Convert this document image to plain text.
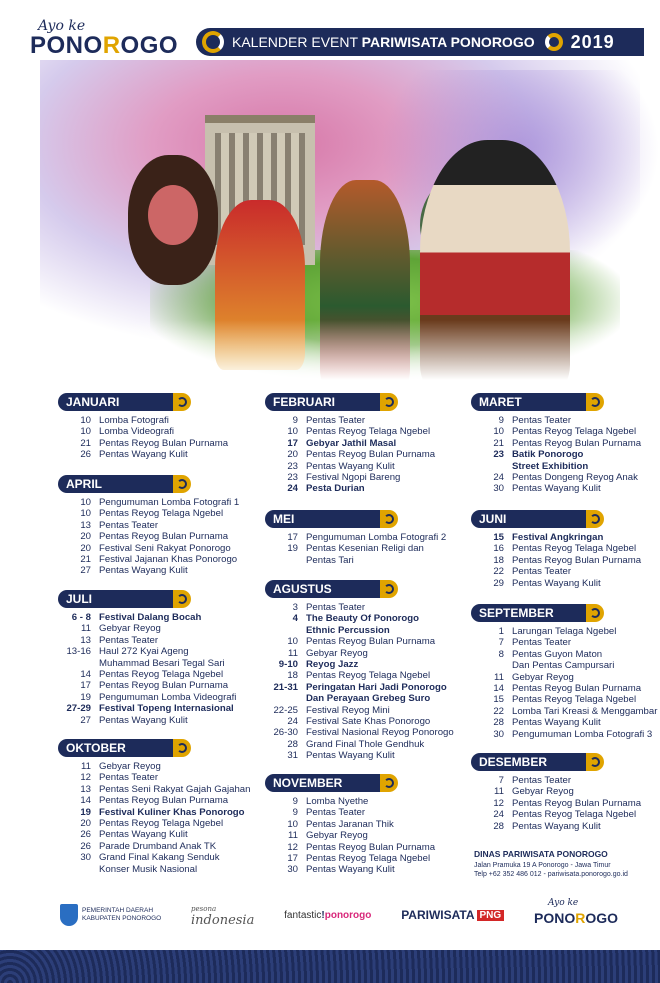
Ayo ke
PONOROGO	KALENDER EVENT PARIWISATA PONOROGO 2019
JANUARI
10 Lomba Fotografi
10 Lomba Videografi
21 Pentas Reyog Bulan Purnama
26 Pentas Wayang Kulit
FEBRUARI
9 Pentas Teater
10 Pentas Reyog Telaga Ngebel
17 Gebyar Jathil Masal
20 Pentas Reyog Bulan Purnama
23 Pentas Wayang Kulit
23 Festival Ngopi Bareng
24 Pesta Durian
MARET
9 Pentas Teater
10 Pentas Reyog Telaga Ngebel
21 Pentas Reyog Bulan Purnama
23 Batik Ponorogo
Street Exhibition
24 Pentas Dongeng Reyog Anak
30 Pentas Wayang Kulit
APRIL
10 Pengumuman Lomba Fotografi 1
10 Pentas Reyog Telaga Ngebel
13 Pentas Teater
20 Pentas Reyog Bulan Purnama
20 Festival Seni Rakyat Ponorogo
21 Festival Jajanan Khas Ponorogo
27 Pentas Wayang Kulit
MEI
17 Pengumuman Lomba Fotografi 2
19 Pentas Kesenian Religi dan
Pentas Tari
JUNI
15 Festival Angkringan
16 Pentas Reyog Telaga Ngebel
18 Pentas Reyog Bulan Purnama
22 Pentas Teater
29 Pentas Wayang Kulit
JULI
6 - 8 Festival Dalang Bocah
11 Gebyar Reyog
13 Pentas Teater
13-16 Haul 272 Kyai Ageng
Muhammad Besari Tegal Sari
14 Pentas Reyog Telaga Ngebel
17 Pentas Reyog Bulan Purnama
19 Pengumuman Lomba Videografi
27-29 Festival Topeng Internasional
27 Pentas Wayang Kulit
AGUSTUS
3 Pentas Teater
4 The Beauty Of Ponorogo
Ethnic Percussion
10 Pentas Reyog Bulan Purnama
11 Gebyar Reyog
9-10 Reyog Jazz
18 Pentas Reyog Telaga Ngebel
21-31 Peringatan Hari Jadi Ponorogo
Dan Perayaan Grebeg Suro
22-25 Festival Reyog Mini
24 Festival Sate Khas Ponorogo
26-30 Festival Nasional Reyog Ponorogo
28 Grand Final Thole Gendhuk
31 Pentas Wayang Kulit
SEPTEMBER
1 Larungan Telaga Ngebel
7 Pentas Teater
8 Pentas Guyon Maton
Dan Pentas Campursari
11 Gebyar Reyog
14 Pentas Reyog Bulan Purnama
15 Pentas Reyog Telaga Ngebel
22 Lomba Tari Kreasi & Menggambar
28 Pentas Wayang Kulit
30 Pengumuman Lomba Fotografi 3
OKTOBER
11 Gebyar Reyog
12 Pentas Teater
13 Pentas Seni Rakyat Gajah Gajahan
14 Pentas Reyog Bulan Purnama
19 Festival Kuliner Khas Ponorogo
20 Pentas Reyog Telaga Ngebel
26 Pentas Wayang Kulit
26 Parade Drumband Anak TK
30 Grand Final Kakang Senduk
Konser Musik Nasional
NOVEMBER
9 Lomba Nyethe
9 Pentas Teater
10 Pentas Jaranan Thik
11 Gebyar Reyog
12 Pentas Reyog Bulan Purnama
17 Pentas Reyog Telaga Ngebel
30 Pentas Wayang Kulit
DESEMBER
7 Pentas Teater
11 Gebyar Reyog
12 Pentas Reyog Bulan Purnama
24 Pentas Reyog Telaga Ngebel
28 Pentas Wayang Kulit
DINAS PARIWISATA PONOROGO
Jalan Pramuka 19 A Ponorogo - Jawa Timur
Telp +62 352 486 012 - pariwisata.ponorogo.go.id
PEMERINTAH DAERAH
KABUPATEN PONOROGO
pesona
indonesia	fantastic ! ponorogo PARIWISATA PNG
Ayo ke
PONOROGO
